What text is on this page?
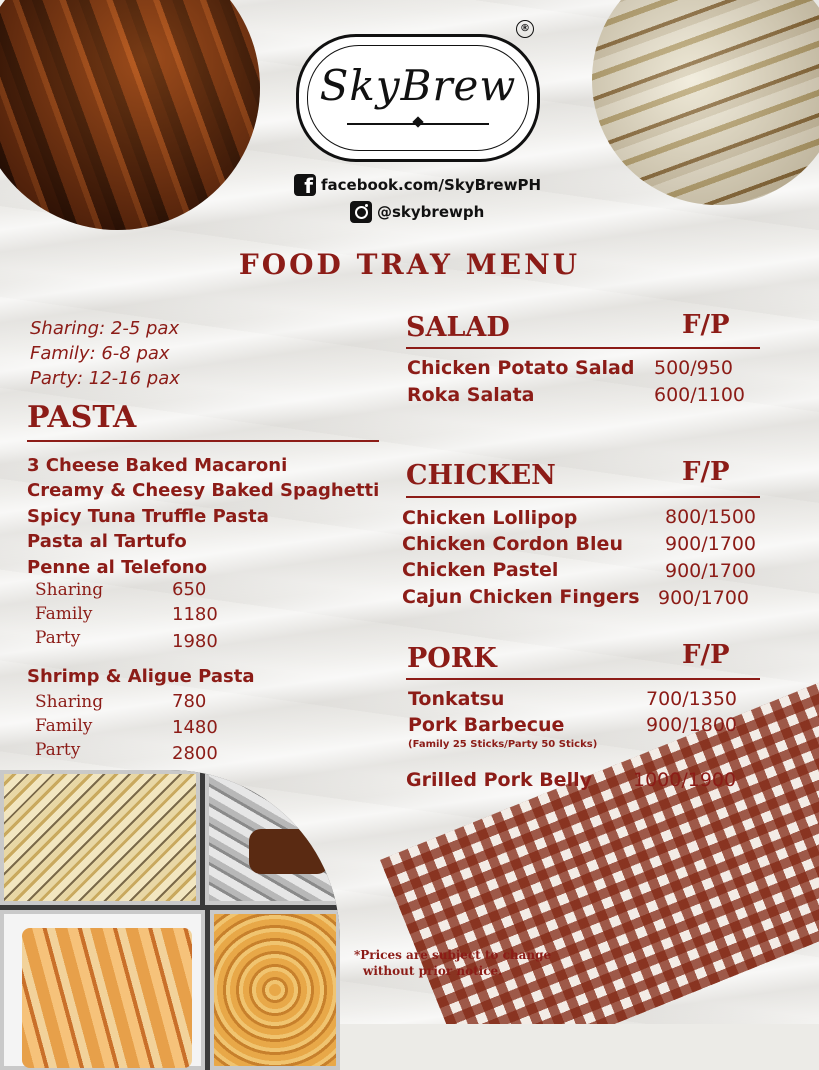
SkyBrew
®
f
facebook.com/SkyBrewPH
@skybrewph
FOOD TRAY MENU
Sharing: 2-5 pax
Family: 6-8 pax
Party: 12-16 pax
PASTA
3 Cheese Baked Macaroni
Creamy & Cheesy Baked Spaghetti
Spicy Tuna Truffle Pasta
Pasta al Tartufo
Penne al Telefono
Sharing	650
Family	1180
Party	1980
Shrimp & Aligue Pasta
Sharing	780
Family	1480
Party	2800
SALAD	F/P
Chicken Potato Salad 500/950
Roka Salata	600/1100
CHICKEN	F/P
Chicken Lollipop	800/1500
Chicken Cordon Bleu 900/1700
Chicken Pastel	900/1700
Cajun Chicken Fingers 900/1700
PORK	F/P
Tonkatsu	700/1350
Pork Barbecue	900/1800
(Family 25 Sticks/Party 50 Sticks)
Grilled Pork Belly 1000/1900
*Prices are subject to change
without prior notice.
